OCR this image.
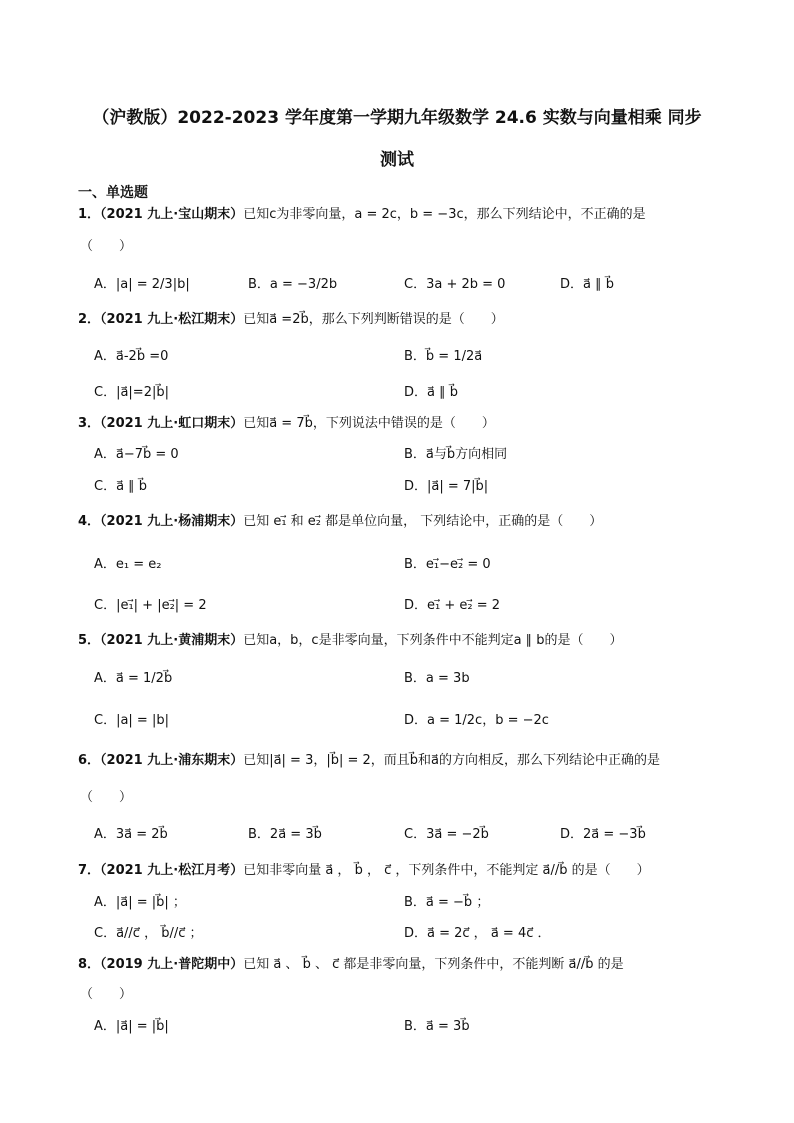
（沪教版）2022-2023 学年度第一学期九年级数学 24.6 实数与向量相乘 同步
测试
一、单选题
1．（2021 九上·宝山期末）已知c为非零向量，a = 2c，b = −3c，那么下列结论中，不正确的是
（　　）
A．|a| = 2/3|b|	B．a = −3/2b	C．3a + 2b = 0	D．a⃗ ∥ b⃗
2．（2021 九上·松江期末）已知a⃗ =2b⃗，那么下列判断错误的是（　　）
A．a⃗-2b⃗ =0	B．b⃗ = 1/2a⃗
C．|a⃗|=2|b⃗|	D．a⃗ ∥ b⃗
3．（2021 九上·虹口期末）已知a⃗ = 7b⃗，下列说法中错误的是（　　）
A．a⃗−7b⃗ = 0	B．a⃗与b⃗方向相同
C．a⃗ ∥ b⃗	D．|a⃗| = 7|b⃗|
4．（2021 九上·杨浦期末）已知 e₁⃗ 和 e₂⃗ 都是单位向量， 下列结论中，正确的是（　　）
A．e₁ = e₂	B．e₁⃗−e₂⃗ = 0
C．|e₁⃗| + |e₂⃗| = 2	D．e₁⃗ + e₂⃗ = 2
5．（2021 九上·黄浦期末）已知a，b，c是非零向量，下列条件中不能判定a ∥ b的是（　　）
A．a⃗ = 1/2b⃗	B．a = 3b
C．|a| = |b|	D．a = 1/2c，b = −2c
6．（2021 九上·浦东期末）已知|a⃗| = 3，|b⃗| = 2，而且b⃗和a⃗的方向相反，那么下列结论中正确的是
（　　）
A．3a⃗ = 2b⃗	B．2a⃗ = 3b⃗	C．3a⃗ = −2b⃗	D．2a⃗ = −3b⃗
7．（2021 九上·松江月考）已知非零向量 a⃗ ， b⃗ ， c⃗ ，下列条件中，不能判定 a⃗//b⃗ 的是（　　）
A．|a⃗| = |b⃗| ；	B．a⃗ = −b⃗ ；
C．a⃗//c⃗ ， b⃗//c⃗ ；	D．a⃗ = 2c⃗ ， a⃗ = 4c⃗ ．
8．（2019 九上·普陀期中）已知 a⃗ 、 b⃗ 、 c⃗ 都是非零向量，下列条件中，不能判断 a⃗//b⃗ 的是
（　　）
A．|a⃗| = |b⃗|	B．a⃗ = 3b⃗
